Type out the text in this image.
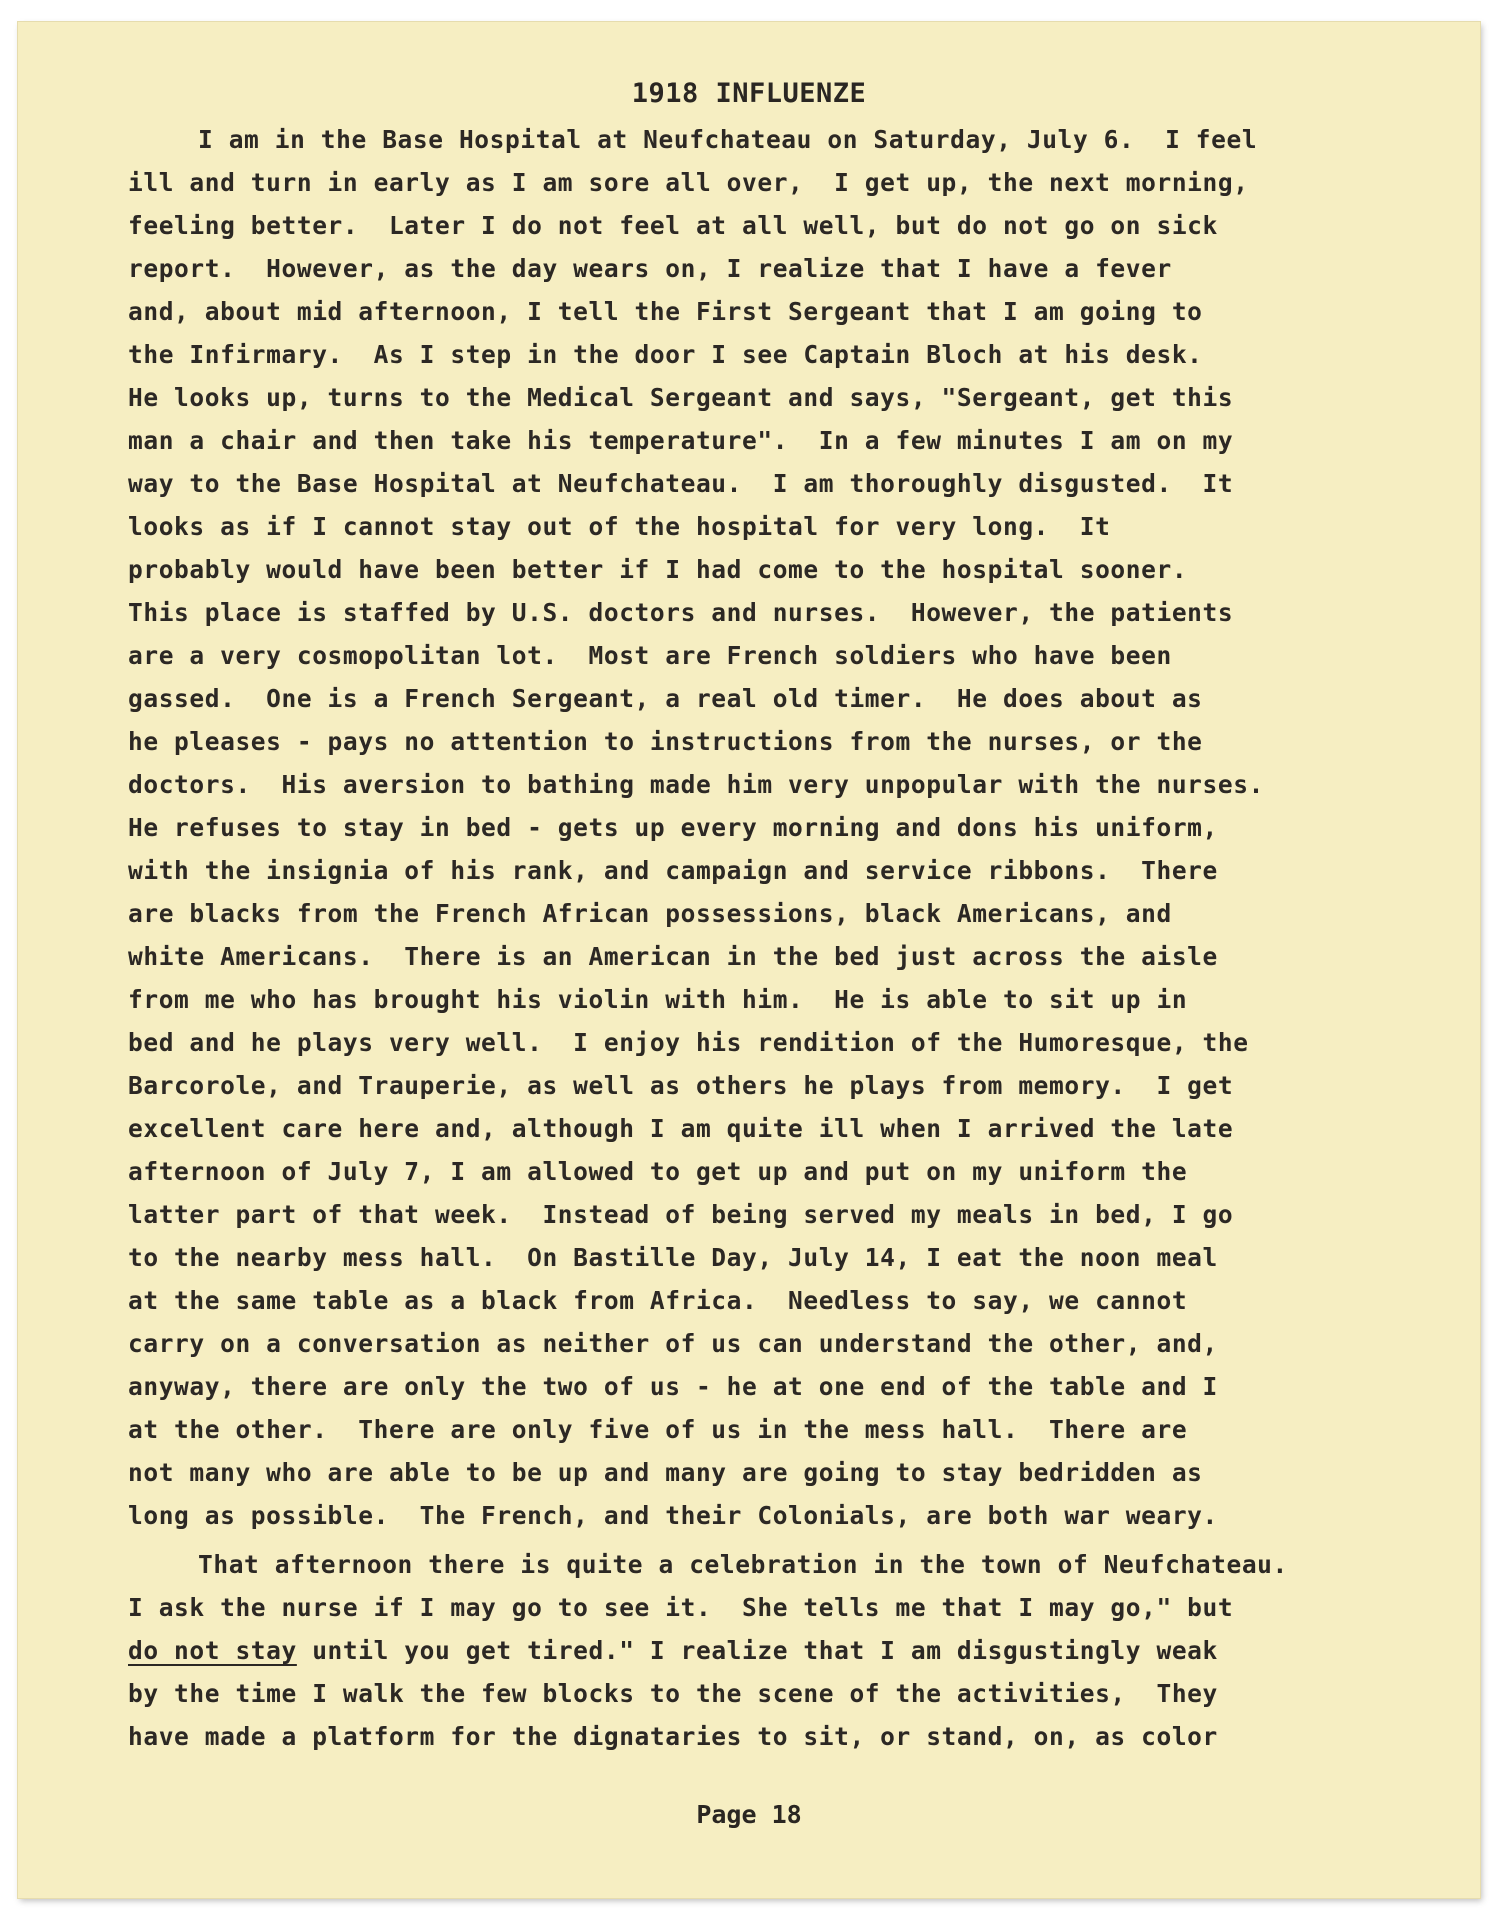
1918 INFLUENZE
I am in the Base Hospital at Neufchateau on Saturday, July 6.  I feel
ill and turn in early as I am sore all over,  I get up, the next morning,
feeling better.  Later I do not feel at all well, but do not go on sick
report.  However, as the day wears on, I realize that I have a fever
and, about mid afternoon, I tell the First Sergeant that I am going to
the Infirmary.  As I step in the door I see Captain Bloch at his desk.
He looks up, turns to the Medical Sergeant and says, "Sergeant, get this
man a chair and then take his temperature".  In a few minutes I am on my
way to the Base Hospital at Neufchateau.  I am thoroughly disgusted.  It
looks as if I cannot stay out of the hospital for very long.  It
probably would have been better if I had come to the hospital sooner.
This place is staffed by U.S. doctors and nurses.  However, the patients
are a very cosmopolitan lot.  Most are French soldiers who have been
gassed.  One is a French Sergeant, a real old timer.  He does about as
he pleases - pays no attention to instructions from the nurses, or the
doctors.  His aversion to bathing made him very unpopular with the nurses.
He refuses to stay in bed - gets up every morning and dons his uniform,
with the insignia of his rank, and campaign and service ribbons.  There
are blacks from the French African possessions, black Americans, and
white Americans.  There is an American in the bed just across the aisle
from me who has brought his violin with him.  He is able to sit up in
bed and he plays very well.  I enjoy his rendition of the Humoresque, the
Barcorole, and Trauperie, as well as others he plays from memory.  I get
excellent care here and, although I am quite ill when I arrived the late
afternoon of July 7, I am allowed to get up and put on my uniform the
latter part of that week.  Instead of being served my meals in bed, I go
to the nearby mess hall.  On Bastille Day, July 14, I eat the noon meal
at the same table as a black from Africa.  Needless to say, we cannot
carry on a conversation as neither of us can understand the other, and,
anyway, there are only the two of us - he at one end of the table and I
at the other.  There are only five of us in the mess hall.  There are
not many who are able to be up and many are going to stay bedridden as
long as possible.  The French, and their Colonials, are both war weary.
That afternoon there is quite a celebration in the town of Neufchateau.
I ask the nurse if I may go to see it.  She tells me that I may go," but
do not stay until you get tired." I realize that I am disgustingly weak
by the time I walk the few blocks to the scene of the activities,  They
have made a platform for the dignataries to sit, or stand, on, as color
Page 18
